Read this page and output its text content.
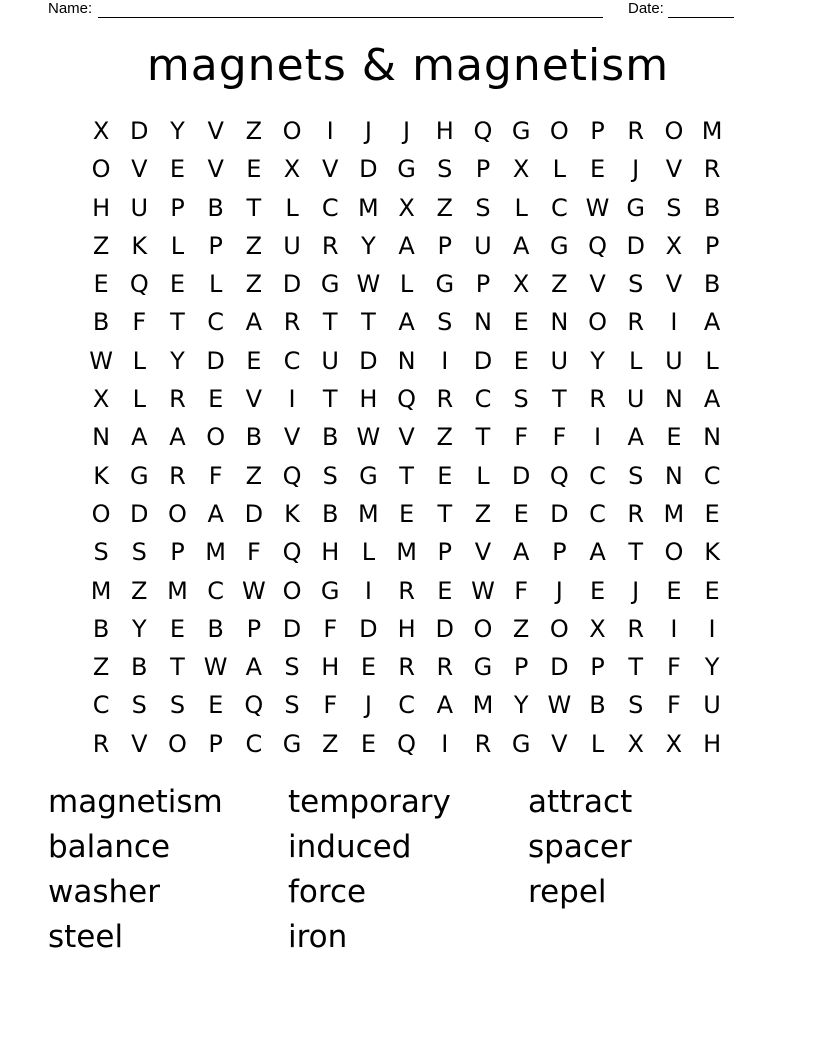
Name:	Date:
magnets & magnetism
X D Y V Z O	I	J	J	H Q G O P R O M
O V E V E X V D G S P X L E	J	V R
H U P B T	L C M X Z S L C W G S B
Z K L	P Z U R Y A P U A G Q D X P
E Q E L Z D G W L G P X Z V S V B
B F T C A R T T A S N E N O R	I	A
W L	Y D E C U D N	I	D E U Y	L U L
X L R E V	I	T H Q R C S T R U N A
N A A O B V B W V Z T F	F	I	A E N
K G R F Z Q S G T E L D Q C S N C
O D O A D K B M E T Z E D C R M E
S S P M F Q H L M P V A P A T O K
M Z M C W O G	I	R E W F	J	E	J	E E
B Y E B P D F D H D O Z O X R	I	I
Z B T W A S H E R R G P D P T F Y
C S S E Q S F	J	C A M Y W B S F U
R V O P C G Z E Q	I	R G V L X X H
magnetism
balance
washer
steel
temporary
induced
force
iron
attract
spacer
repel
